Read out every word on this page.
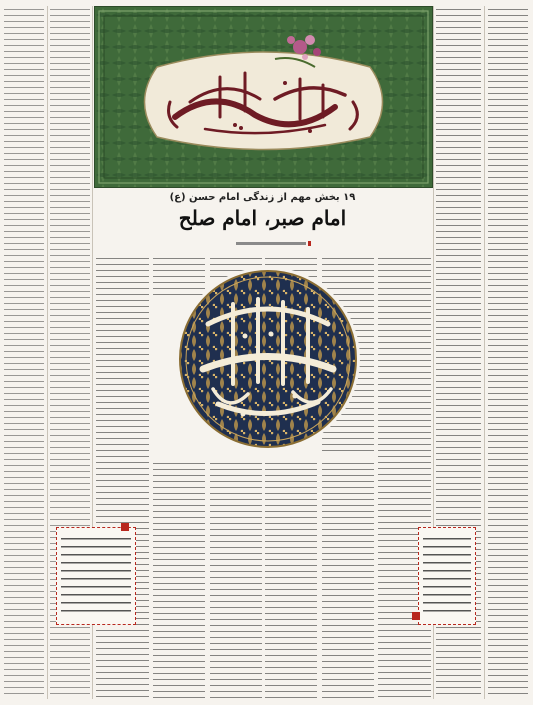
۱۹ بخش مهم از زندگی امام حسن (ع)
امام صبر، امام صلح
